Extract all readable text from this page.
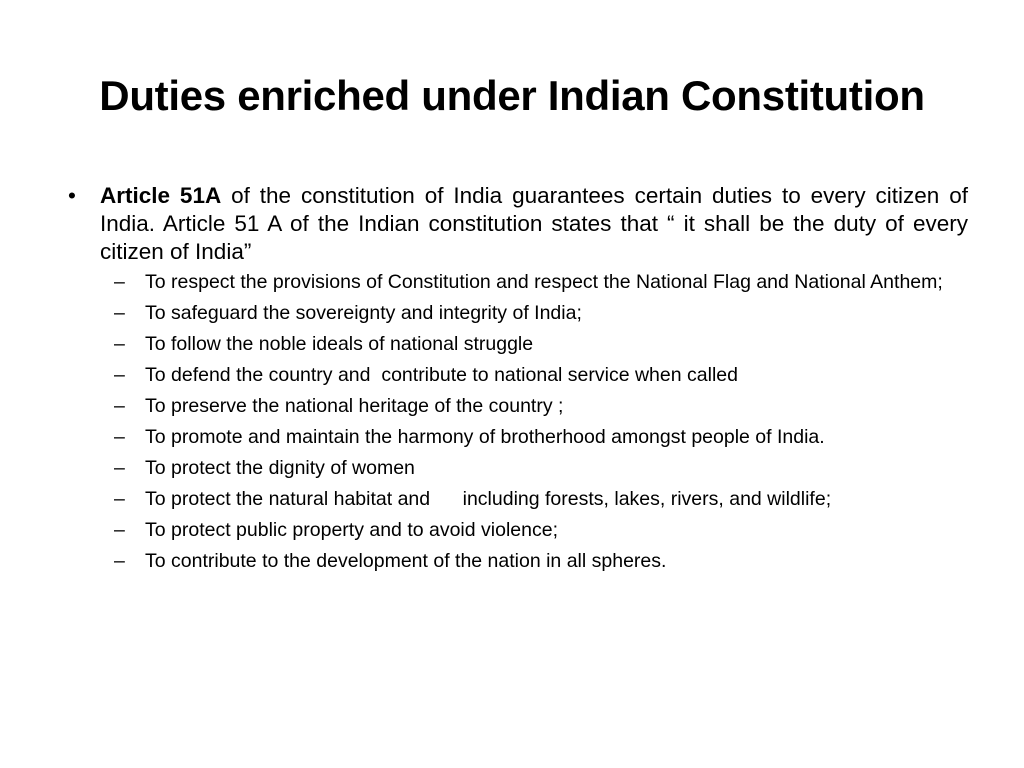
Duties enriched under Indian Constitution
•	Article 51A of the constitution of India guarantees certain duties to every citizen of India. Article 51 A of the Indian constitution states that “ it shall be the duty of every citizen of India”
–	To respect the provisions of Constitution and respect the National Flag and National Anthem;
–	To safeguard the sovereignty and integrity of India;
–	To follow the noble ideals of national struggle
–	To defend the country and  contribute to national service when called
–	To preserve the national heritage of the country ;
–	To promote and maintain the harmony of brotherhood amongst people of India.
–	To protect the dignity of women
–	To protect the natural habitat and      including forests, lakes, rivers, and wildlife;
–	To protect public property and to avoid violence;
–	To contribute to the development of the nation in all spheres.
